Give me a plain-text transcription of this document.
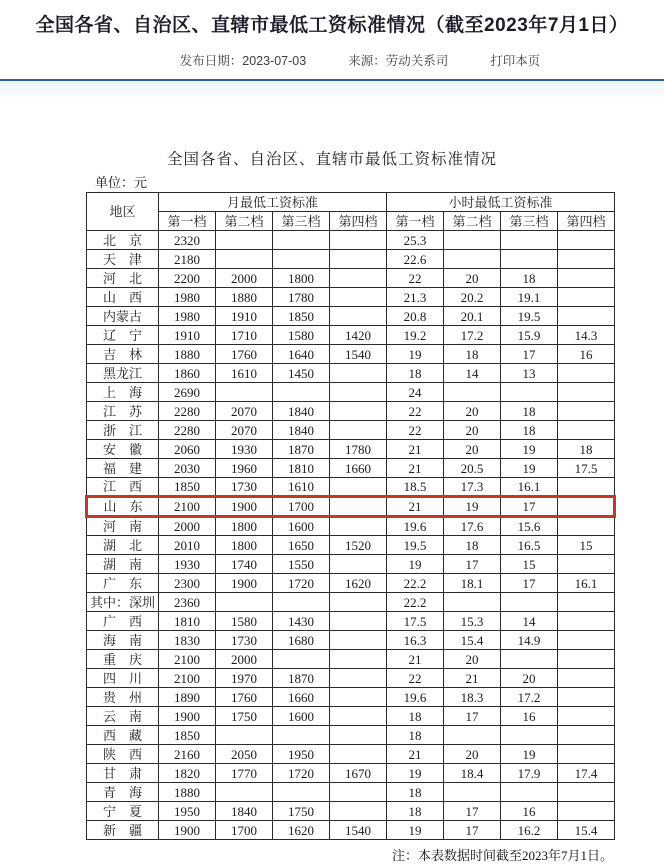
全国各省、自治区、直辖市最低工资标准情况（截至2023年7月1日）
发布日期：2023-07-03	来源：劳动关系司	打印本页
全国各省、自治区、直辖市最低工资标准情况
单位：元
地区	月最低工资标准				小时最低工资标准			
	第一档	第二档	第三档	第四档	第一档	第二档	第三档	第四档
北　京	2320				25.3			
天　津	2180				22.6			
河　北	2200	2000	1800		22	20	18	
山　西	1980	1880	1780		21.3	20.2	19.1	
内蒙古	1980	1910	1850		20.8	20.1	19.5	
辽　宁	1910	1710	1580	1420	19.2	17.2	15.9	14.3
吉　林	1880	1760	1640	1540	19	18	17	16
黑龙江	1860	1610	1450		18	14	13	
上　海	2690				24			
江　苏	2280	2070	1840		22	20	18	
浙　江	2280	2070	1840		22	20	18	
安　徽	2060	1930	1870	1780	21	20	19	18
福　建	2030	1960	1810	1660	21	20.5	19	17.5
江　西	1850	1730	1610		18.5	17.3	16.1	
山　东	2100	1900	1700		21	19	17	
河　南	2000	1800	1600		19.6	17.6	15.6	
湖　北	2010	1800	1650	1520	19.5	18	16.5	15
湖　南	1930	1740	1550		19	17	15	
广　东	2300	1900	1720	1620	22.2	18.1	17	16.1
其中：深圳	2360				22.2			
广　西	1810	1580	1430		17.5	15.3	14	
海　南	1830	1730	1680		16.3	15.4	14.9	
重　庆	2100	2000			21	20		
四　川	2100	1970	1870		22	21	20	
贵　州	1890	1760	1660		19.6	18.3	17.2	
云　南	1900	1750	1600		18	17	16	
西　藏	1850				18			
陕　西	2160	2050	1950		21	20	19	
甘　肃	1820	1770	1720	1670	19	18.4	17.9	17.4
青　海	1880				18			
宁　夏	1950	1840	1750		18	17	16	
新　疆	1900	1700	1620	1540	19	17	16.2	15.4
注：本表数据时间截至2023年7月1日。
